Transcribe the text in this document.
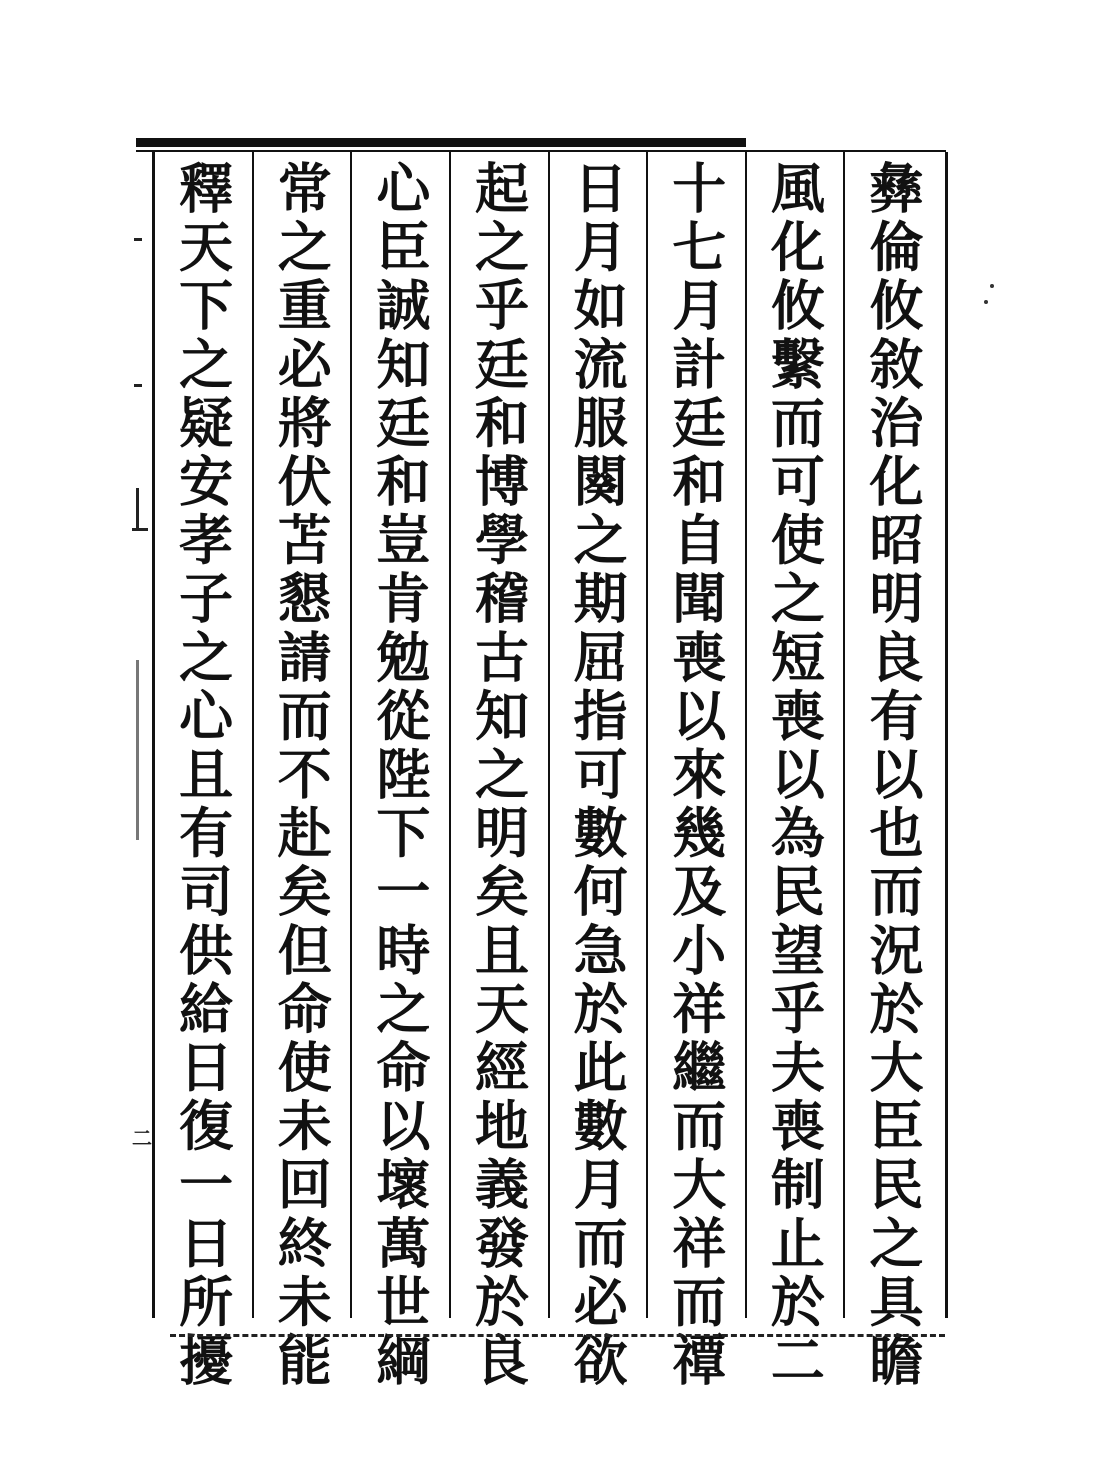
彝倫攸敘治化昭明良有以也而況於大臣民之具瞻
風化攸繫而可使之短喪以為民望乎夫喪制止於二
十七月計廷和自聞喪以來幾及小祥繼而大祥而禫
日月如流服闋之期屈指可數何急於此數月而必欲
起之乎廷和博學稽古知之明矣且天經地義發於良
心臣誠知廷和豈肯勉從陛下一時之命以壞萬世綱
常之重必將伏苫懇請而不赴矣但命使未回終未能
釋天下之疑安孝子之心且有司供給日復一日所擾
二
